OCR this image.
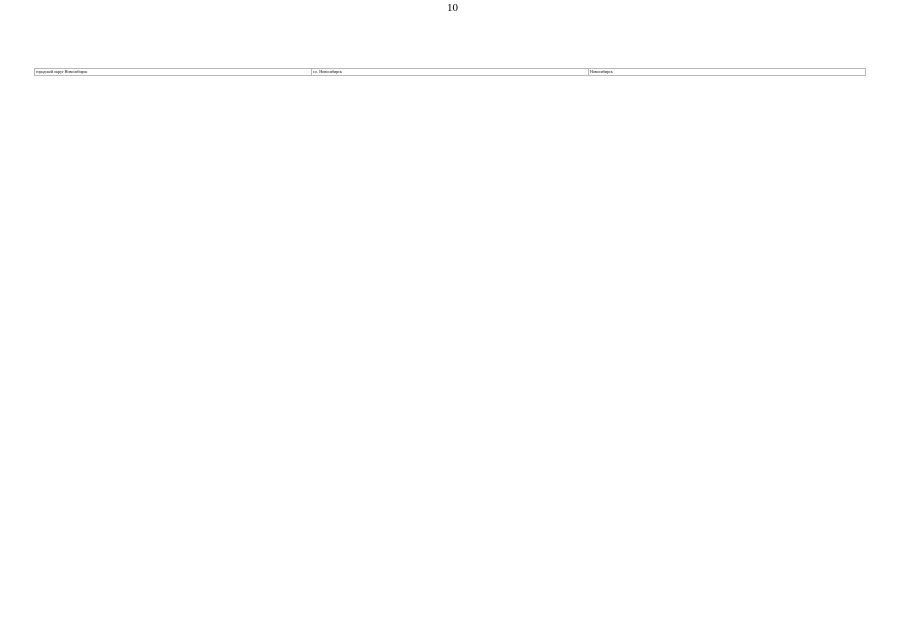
10
городской округ Новосибирск	г.о. Новосибирск	Новосибирск
